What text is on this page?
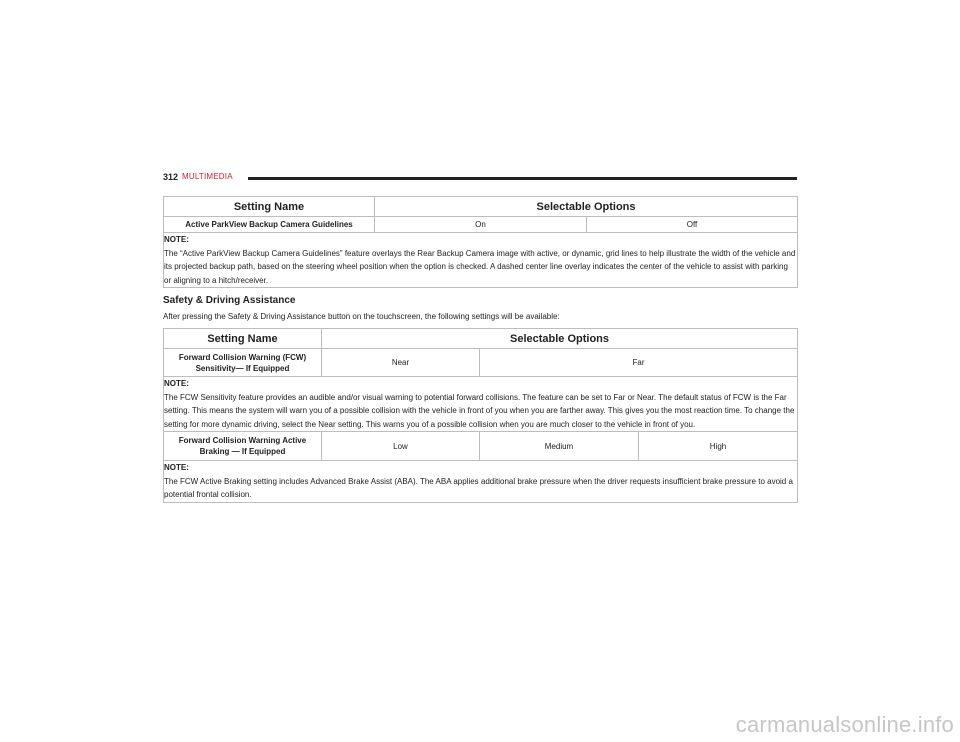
312 MULTIMEDIA
Setting Name	Selectable Options	
Active ParkView Backup Camera Guidelines	On	Off

NOTE:
The “Active ParkView Backup Camera Guidelines” feature overlays the Rear Backup Camera image with active, or dynamic, grid lines to help illustrate the width of the vehicle and its projected backup path, based on the steering wheel position when the option is checked. A dashed center line overlay indicates the center of the vehicle to assist with parking or aligning to a hitch/receiver.		
Safety & Driving Assistance
After pressing the Safety & Driving Assistance button on the touchscreen, the following settings will be available:
Setting Name	Selectable Options		

Forward Collision Warning (FCW)
Sensitivity— If Equipped	Near	Far	

NOTE:
The FCW Sensitivity feature provides an audible and/or visual warning to potential forward collisions. The feature can be set to Far or Near. The default status of FCW is the Far setting. This means the system will warn you of a possible collision with the vehicle in front of you when you are farther away. This gives you the most reaction time. To change the setting for more dynamic driving, select the Near setting. This warns you of a possible collision when you are much closer to the vehicle in front of you.			

Forward Collision Warning Active
Braking — If Equipped	Low	Medium	High

NOTE:
The FCW Active Braking setting includes Advanced Brake Assist (ABA). The ABA applies additional brake pressure when the driver requests insufficient brake pressure to avoid a potential frontal collision.			
carmanualsonline.info
